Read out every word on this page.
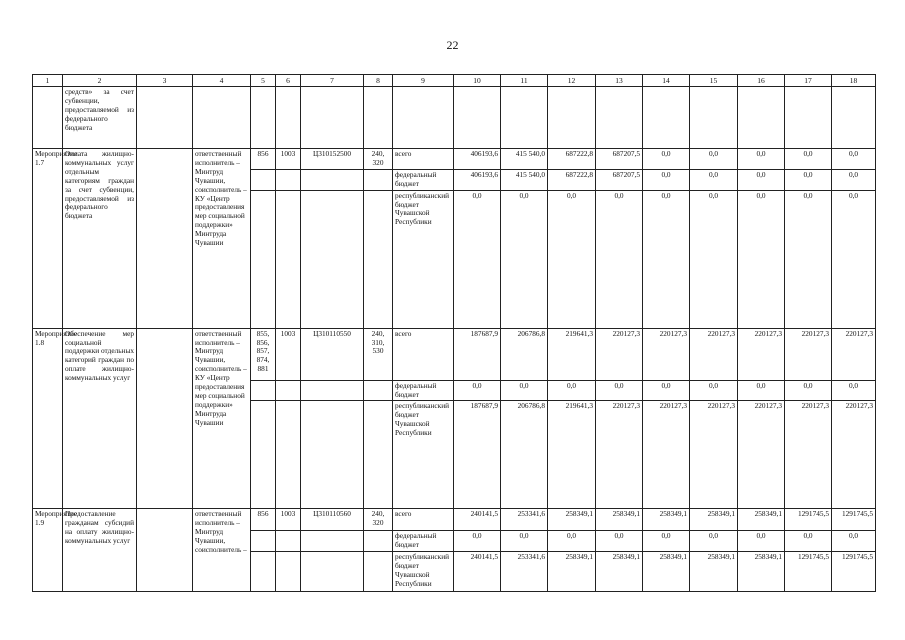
22
1	2	3	4	5	6	7	8	9	10	11	12	13	14	15	16	17	18
	средств» за счет субвенции, предоставляемой из федерального бюджета																
Мероприятие 1.7	Оплата жилищно-коммунальных услуг отдельным категориям граждан за счет субвенции, предоставляемой из федерального бюджета		ответственный исполнитель – Минтруд Чувашии, соисполнитель – КУ «Центр предоставления мер социальной поддержки» Минтруда Чувашии	856	1003	Ц310152500	240, 320	всего	406193,6	415 540,0	687222,8	687207,5	0,0	0,0	0,0	0,0	0,0
								федеральный бюджет	406193,6	415 540,0	687222,8	687207,5	0,0	0,0	0,0	0,0	0,0
								республиканский бюджет Чувашской Республики	0,0	0,0	0,0	0,0	0,0	0,0	0,0	0,0	0,0
Мероприятие 1.8	Обеспечение мер социальной поддержки отдельных категорий граждан по оплате жилищно-коммунальных услуг		ответственный исполнитель – Минтруд Чувашии, соисполнитель – КУ «Центр предоставления мер социальной поддержки» Минтруда Чувашии	855, 856, 857, 874, 881	1003	Ц310110550	240, 310, 530	всего	187687,9	206786,8	219641,3	220127,3	220127,3	220127,3	220127,3	220127,3	220127,3
								федеральный бюджет	0,0	0,0	0,0	0,0	0,0	0,0	0,0	0,0	0,0
								республиканский бюджет Чувашской Республики	187687,9	206786,8	219641,3	220127,3	220127,3	220127,3	220127,3	220127,3	220127,3
Мероприятие 1.9	Предоставление гражданам субсидий на оплату жилищно-коммунальных услуг		ответственный исполнитель – Минтруд Чувашии, соисполнитель –	856	1003	Ц310110560	240, 320	всего	240141,5	253341,6	258349,1	258349,1	258349,1	258349,1	258349,1	1291745,5	1291745,5
								федеральный бюджет	0,0	0,0	0,0	0,0	0,0	0,0	0,0	0,0	0,0
								республиканский бюджет Чувашской Республики	240141,5	253341,6	258349,1	258349,1	258349,1	258349,1	258349,1	1291745,5	1291745,5
